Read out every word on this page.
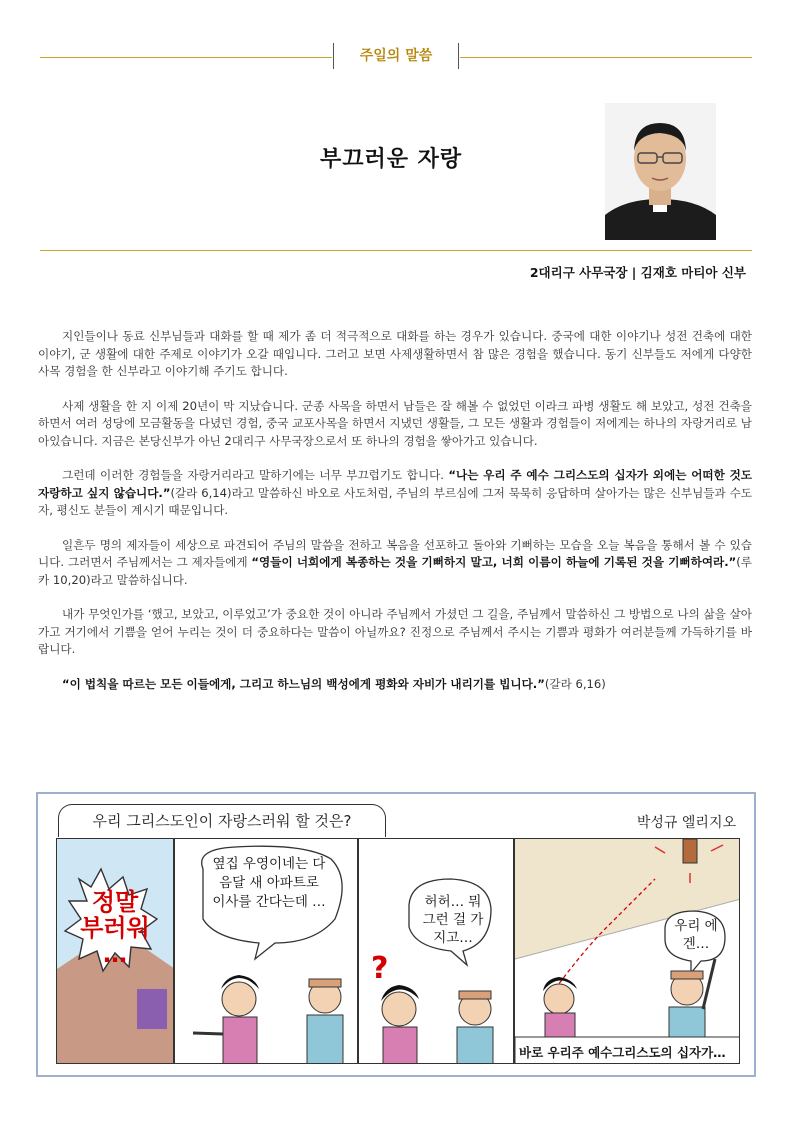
주일의 말씀
부끄러운 자랑
2대리구 사무국장 | 김재호 마티아 신부

지인들이나 동료 신부님들과 대화를 할 때 제가 좀 더 적극적으로 대화를 하는 경우가 있습니다. 중국에 대한 이야기나 성전 건축에 대한 이야기, 군 생활에 대한 주제로 이야기가 오갈 때입니다. 그러고 보면 사제생활하면서 참 많은 경험을 했습니다. 동기 신부들도 저에게 다양한 사목 경험을 한 신부라고 이야기해 주기도 합니다.

사제 생활을 한 지 이제 20년이 막 지났습니다. 군종 사목을 하면서 남들은 잘 해볼 수 없었던 이라크 파병 생활도 해 보았고, 성전 건축을 하면서 여러 성당에 모금활동을 다녔던 경험, 중국 교포사목을 하면서 지냈던 생활들, 그 모든 생활과 경험들이 저에게는 하나의 자랑거리로 남아있습니다. 지금은 본당신부가 아닌 2대리구 사무국장으로서 또 하나의 경험을 쌓아가고 있습니다.

그런데 이러한 경험들을 자랑거리라고 말하기에는 너무 부끄럽기도 합니다. “나는 우리 주 예수 그리스도의 십자가 외에는 어떠한 것도 자랑하고 싶지 않습니다.”(갈라 6,14)라고 말씀하신 바오로 사도처럼, 주님의 부르심에 그저 묵묵히 응답하며 살아가는 많은 신부님들과 수도자, 평신도 분들이 계시기 때문입니다.

일흔두 명의 제자들이 세상으로 파견되어 주님의 말씀을 전하고 복음을 선포하고 돌아와 기뻐하는 모습을 오늘 복음을 통해서 볼 수 있습니다. 그러면서 주님께서는 그 제자들에게 “영들이 너희에게 복종하는 것을 기뻐하지 말고, 너희 이름이 하늘에 기록된 것을 기뻐하여라.”(루카 10,20)라고 말씀하십니다.

내가 무엇인가를 ‘했고, 보았고, 이루었고’가 중요한 것이 아니라 주님께서 가셨던 그 길을, 주님께서 말씀하신 그 방법으로 나의 삶을 살아가고 거기에서 기쁨을 얻어 누리는 것이 더 중요하다는 말씀이 아닐까요? 진정으로 주님께서 주시는 기쁨과 평화가 여러분들께 가득하기를 바랍니다.

“이 법칙을 따르는 모든 이들에게, 그리고 하느님의 백성에게 평화와 자비가 내리기를 빕니다.”(갈라 6,16)

우리 그리스도인이 자랑스러워 할 것은?	박성규 엘리지오
정말 부러워 …
옆집 우영이네는 다음달 새 아파트로 이사를 간다는데 …
?
허허… 뭐 그런 걸 가지고…
우리 에겐…
바로 우리주 예수그리스도의 십자가…
